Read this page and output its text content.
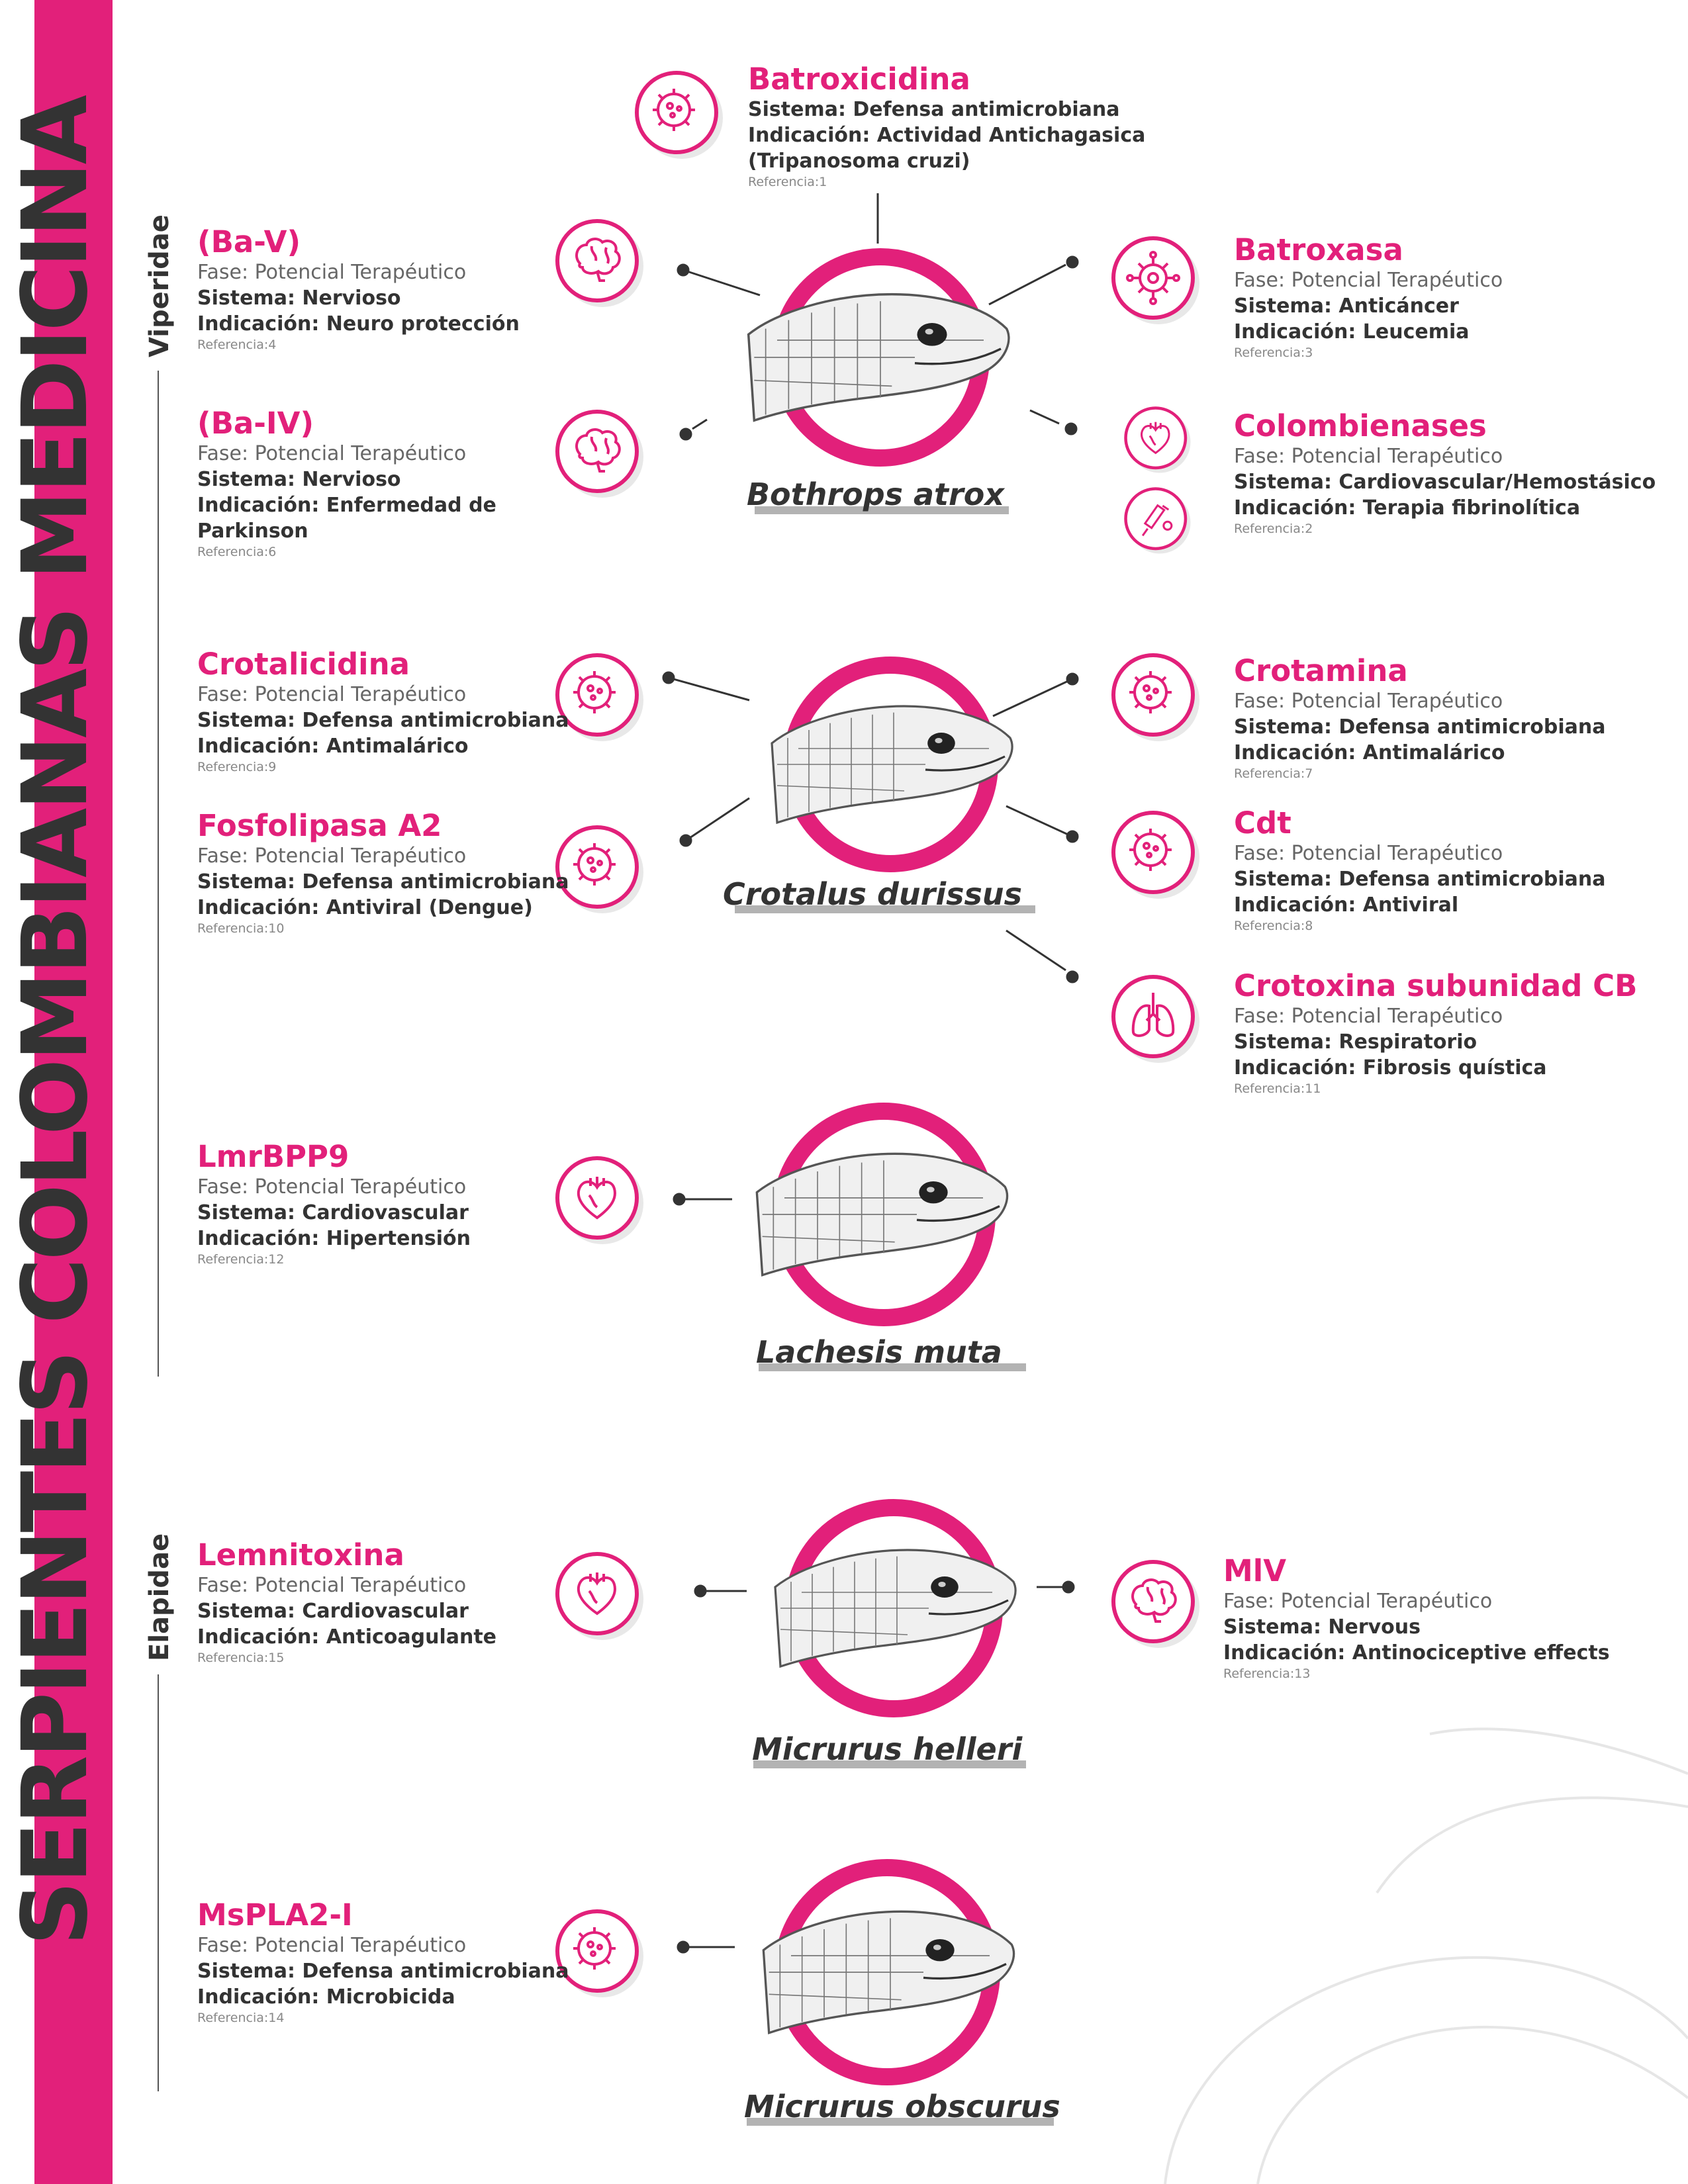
SERPIENTES COLOMBIANAS MEDICINA Viperidae
Elapidae
Bothrops atrox
Crotalus durissus
Lachesis muta
Micrurus helleri
Micrurus obscurus
Batroxicidina
Sistema: Defensa antimicrobiana
Indicación: Actividad Antichagasica
(Tripanosoma cruzi)
Referencia:1
(Ba-V)
Fase: Potencial Terapéutico
Sistema: Nervioso
Indicación: Neuro protección
Referencia:4
(Ba-IV)
Fase: Potencial Terapéutico
Sistema: Nervioso
Indicación: Enfermedad de
Parkinson
Referencia:6
Batroxasa
Fase: Potencial Terapéutico
Sistema: Anticáncer
Indicación: Leucemia
Referencia:3
Colombienases
Fase: Potencial Terapéutico
Sistema: Cardiovascular/Hemostásico
Indicación: Terapia fibrinolítica
Referencia:2
Crotalicidina
Fase: Potencial Terapéutico
Sistema: Defensa antimicrobiana
Indicación: Antimalárico
Referencia:9
Fosfolipasa A2
Fase: Potencial Terapéutico
Sistema: Defensa antimicrobiana
Indicación: Antiviral (Dengue)
Referencia:10
Crotamina
Fase: Potencial Terapéutico
Sistema: Defensa antimicrobiana
Indicación: Antimalárico
Referencia:7
Cdt
Fase: Potencial Terapéutico
Sistema: Defensa antimicrobiana
Indicación: Antiviral
Referencia:8
Crotoxina subunidad CB
Fase: Potencial Terapéutico
Sistema: Respiratorio
Indicación: Fibrosis quística
Referencia:11
LmrBPP9
Fase: Potencial Terapéutico
Sistema: Cardiovascular
Indicación: Hipertensión
Referencia:12
Lemnitoxina
Fase: Potencial Terapéutico
Sistema: Cardiovascular
Indicación: Anticoagulante
Referencia:15
MlV
Fase: Potencial Terapéutico
Sistema: Nervous
Indicación: Antinociceptive effects
Referencia:13
MsPLA2-I
Fase: Potencial Terapéutico
Sistema: Defensa antimicrobiana
Indicación: Microbicida
Referencia:14
